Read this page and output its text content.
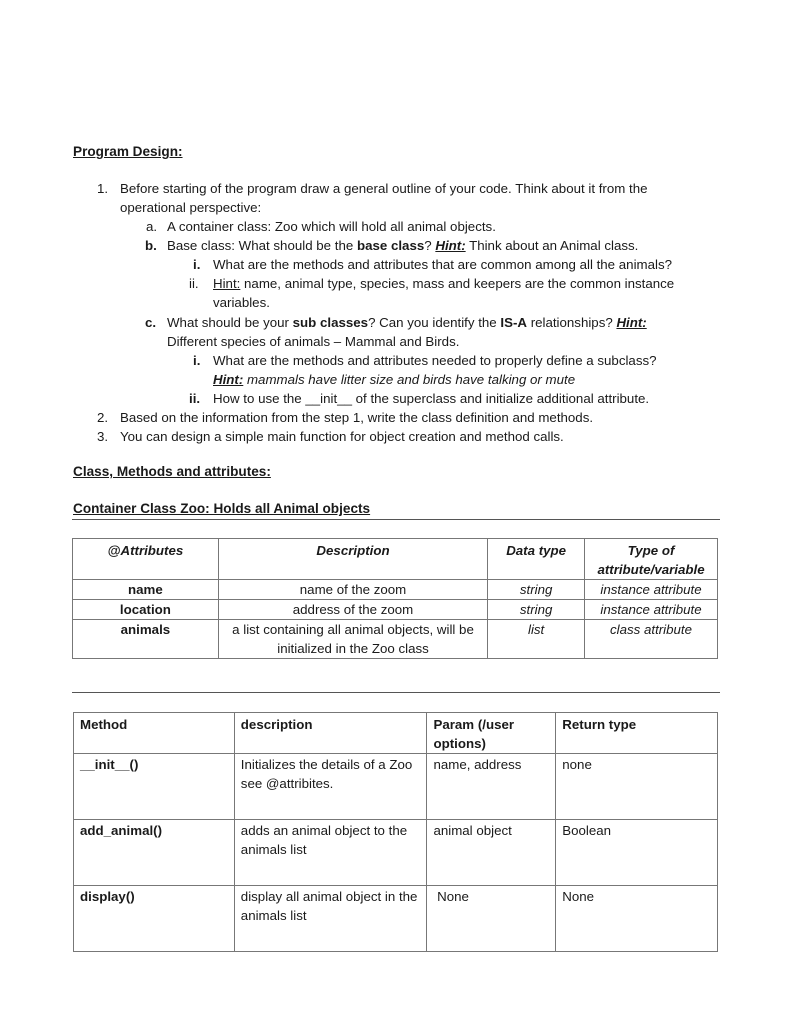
Program Design:
1. Before starting of the program draw a general outline of your code. Think about it from the
operational perspective:
a. A container class: Zoo which will hold all animal objects.
b. Base class: What should be the base class? Hint: Think about an Animal class.
i. What are the methods and attributes that are common among all the animals?
ii. Hint: name, animal type, species, mass and keepers are the common instance
variables.
c. What should be your sub classes? Can you identify the IS-A relationships? Hint:
Different species of animals – Mammal and Birds.
i. What are the methods and attributes needed to properly define a subclass?
Hint: mammals have litter size and birds have talking or mute
ii. How to use the __init__ of the superclass and initialize additional attribute.
2. Based on the information from the step 1, write the class definition and methods.
3. You can design a simple main function for object creation and method calls.
Class, Methods and attributes:
Container Class Zoo: Holds all Animal objects
@Attributes	Description	Data type	Type of attribute/variable
name	name of the zoom	string	instance attribute
location	address of the zoom	string	instance attribute
animals	a list containing all animal objects, will be initialized in the Zoo class	list	class attribute
Method	description	Param (/user options)	Return type
__init__()	Initializes the details of a Zoo see @attribites.	name, address	none
add_animal()	adds an animal object to the animals list	animal object	Boolean
display()	display all animal object in the animals list	None	None
